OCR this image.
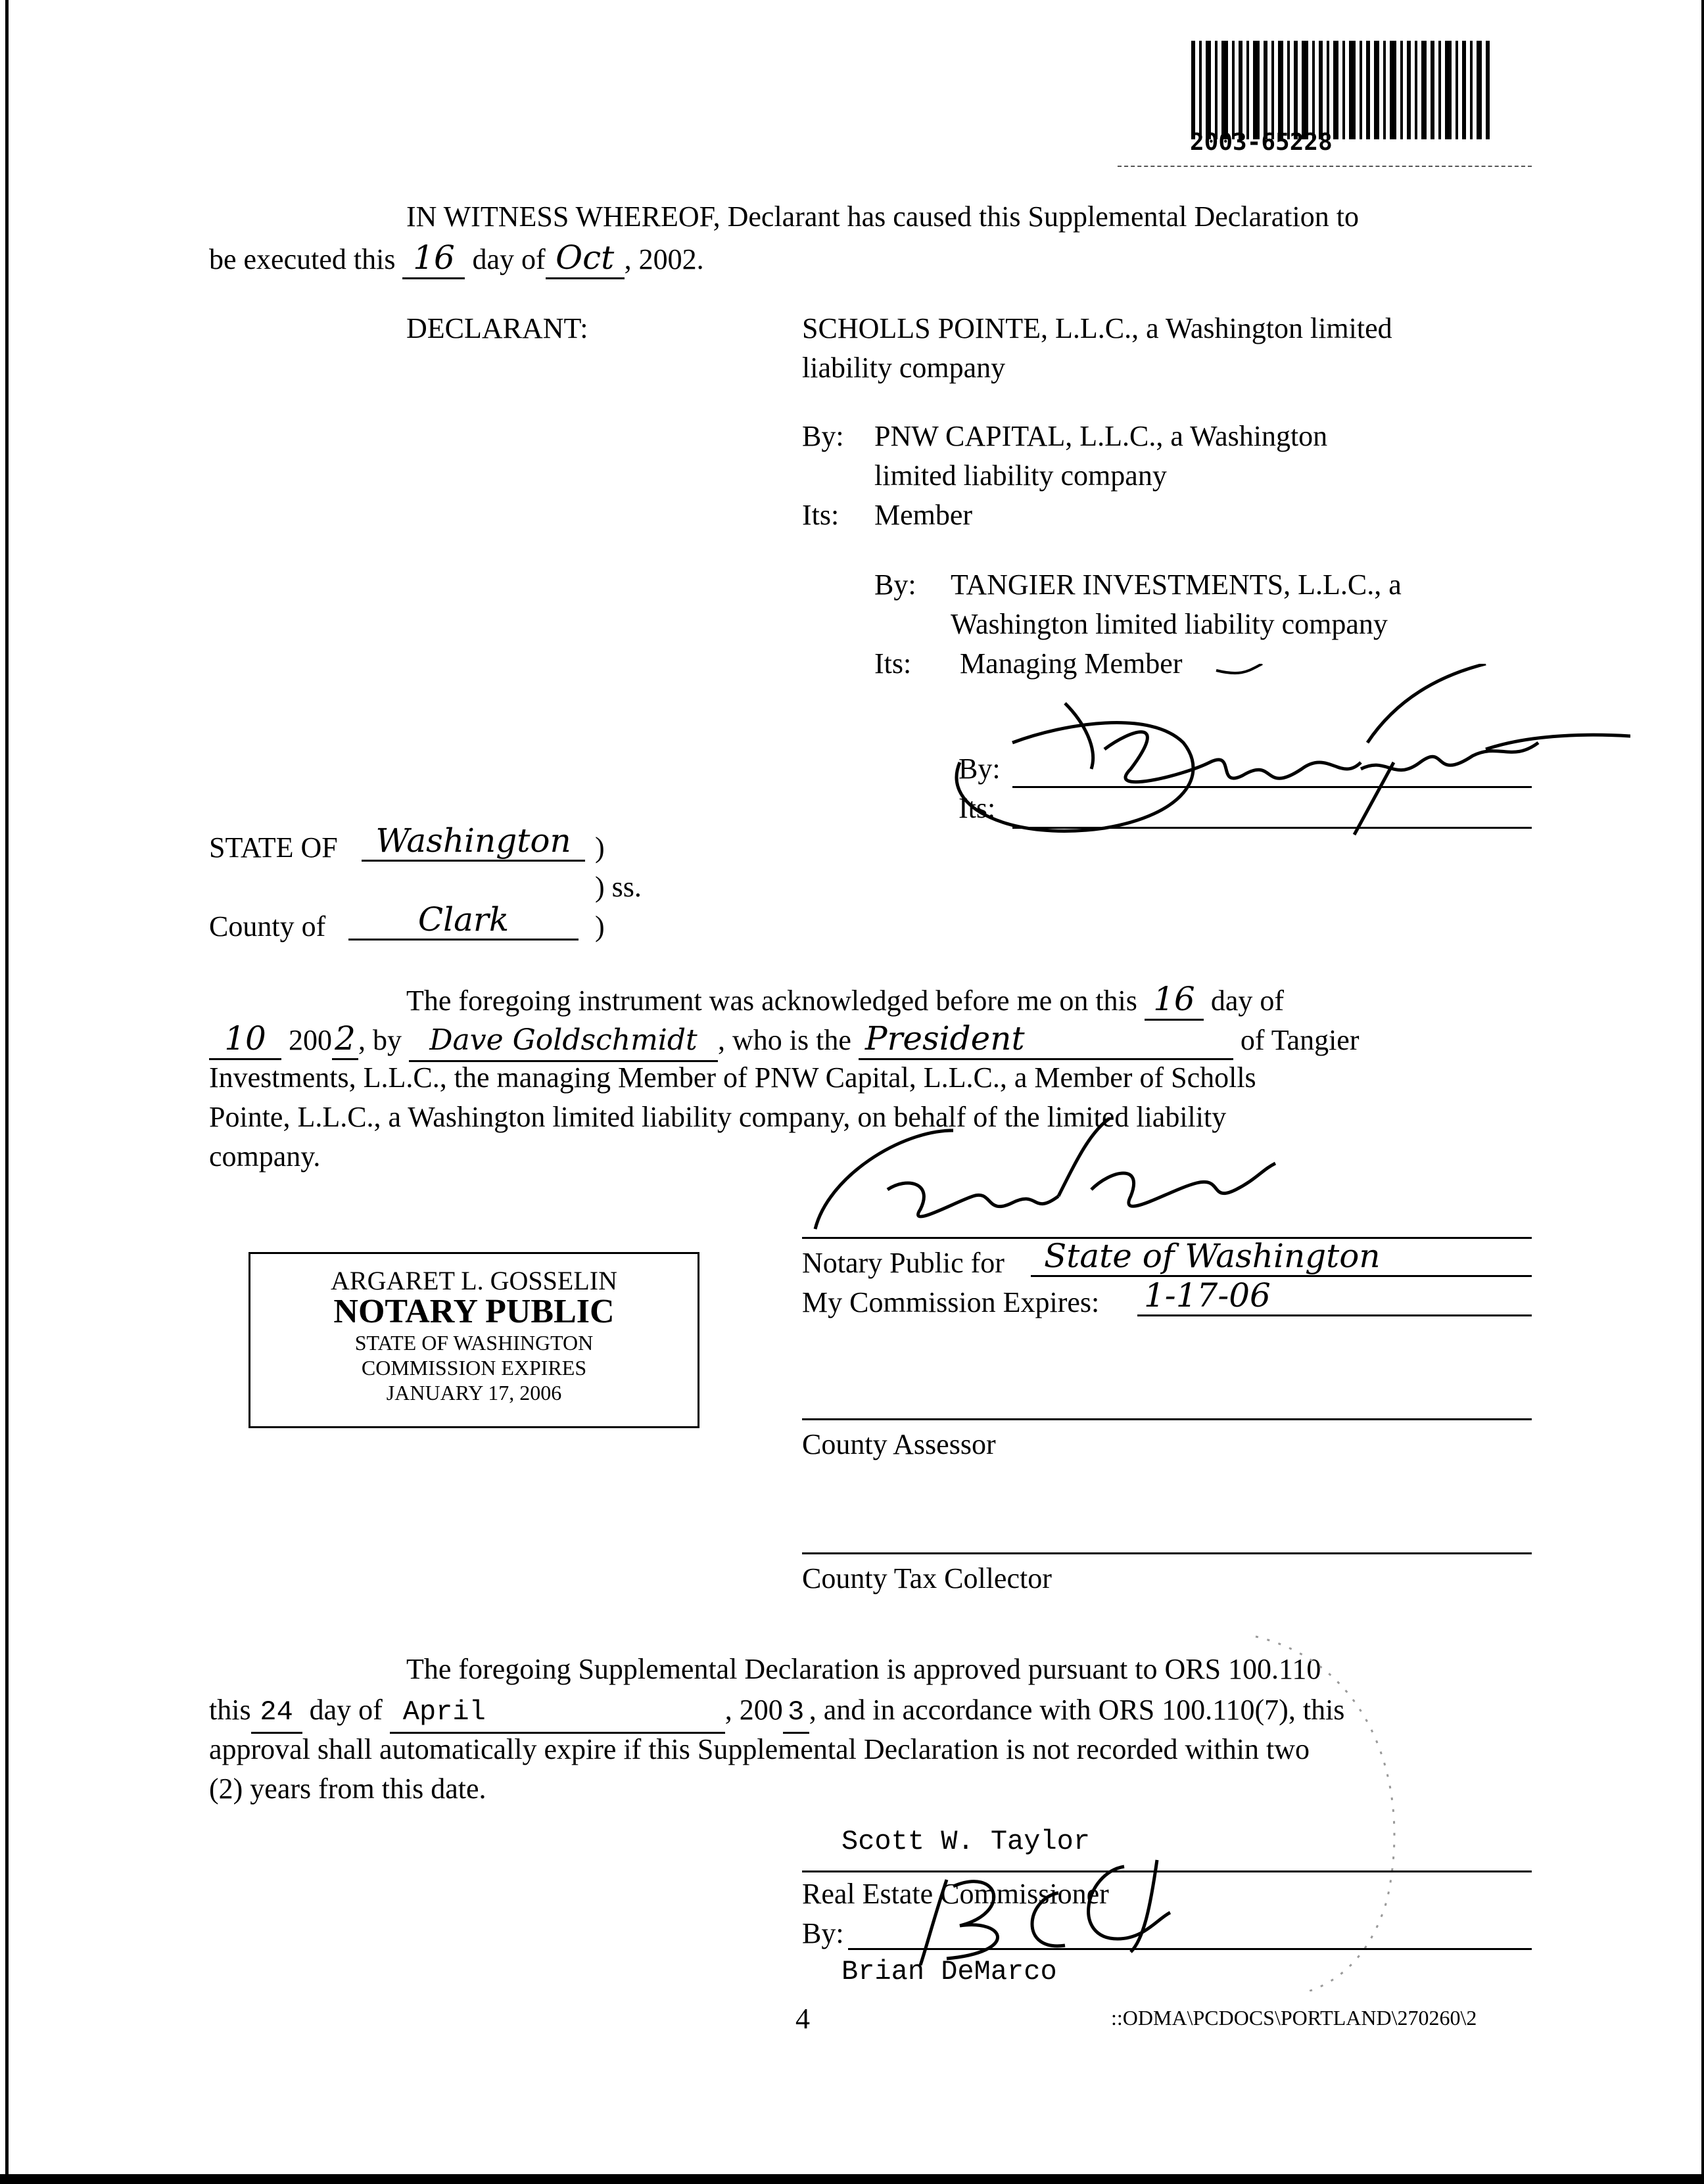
2003-65228
IN WITNESS WHEREOF, Declarant has caused this Supplemental Declaration to
be executed this 16 day of Oct , 2002.
DECLARANT:	SCHOLLS POINTE, L.L.C., a Washington limited
liability company
By: PNW CAPITAL, L.L.C., a Washington
limited liability company
Its: Member
By: TANGIER INVESTMENTS, L.L.C., a
Washington limited liability company
Its: Managing Member
By:
Its:
STATE OF	Washington )
) ss.
County of	Clark	)
The foregoing instrument was acknowledged before me on this 16 day of
10 2002, by Dave Goldschmidt , who is the President	of Tangier
Investments, L.L.C., the managing Member of PNW Capital, L.L.C., a Member of Scholls
Pointe, L.L.C., a Washington limited liability company, on behalf of the limited liability
company.
ARGARET L. GOSSELIN
NOTARY PUBLIC
STATE OF WASHINGTON
COMMISSION EXPIRES
JANUARY 17, 2006
Notary Public for	State of Washington
My Commission Expires: 1-17-06
County Assessor
County Tax Collector
The foregoing Supplemental Declaration is approved pursuant to ORS 100.110
this 24 day of April	, 200 3 , and in accordance with ORS 100.110(7), this
approval shall automatically expire if this Supplemental Declaration is not recorded within two
(2) years from this date.
Scott W. Taylor
Real Estate Commissioner
By:
Brian DeMarco
4	::ODMA\PCDOCS\PORTLAND\270260\2
